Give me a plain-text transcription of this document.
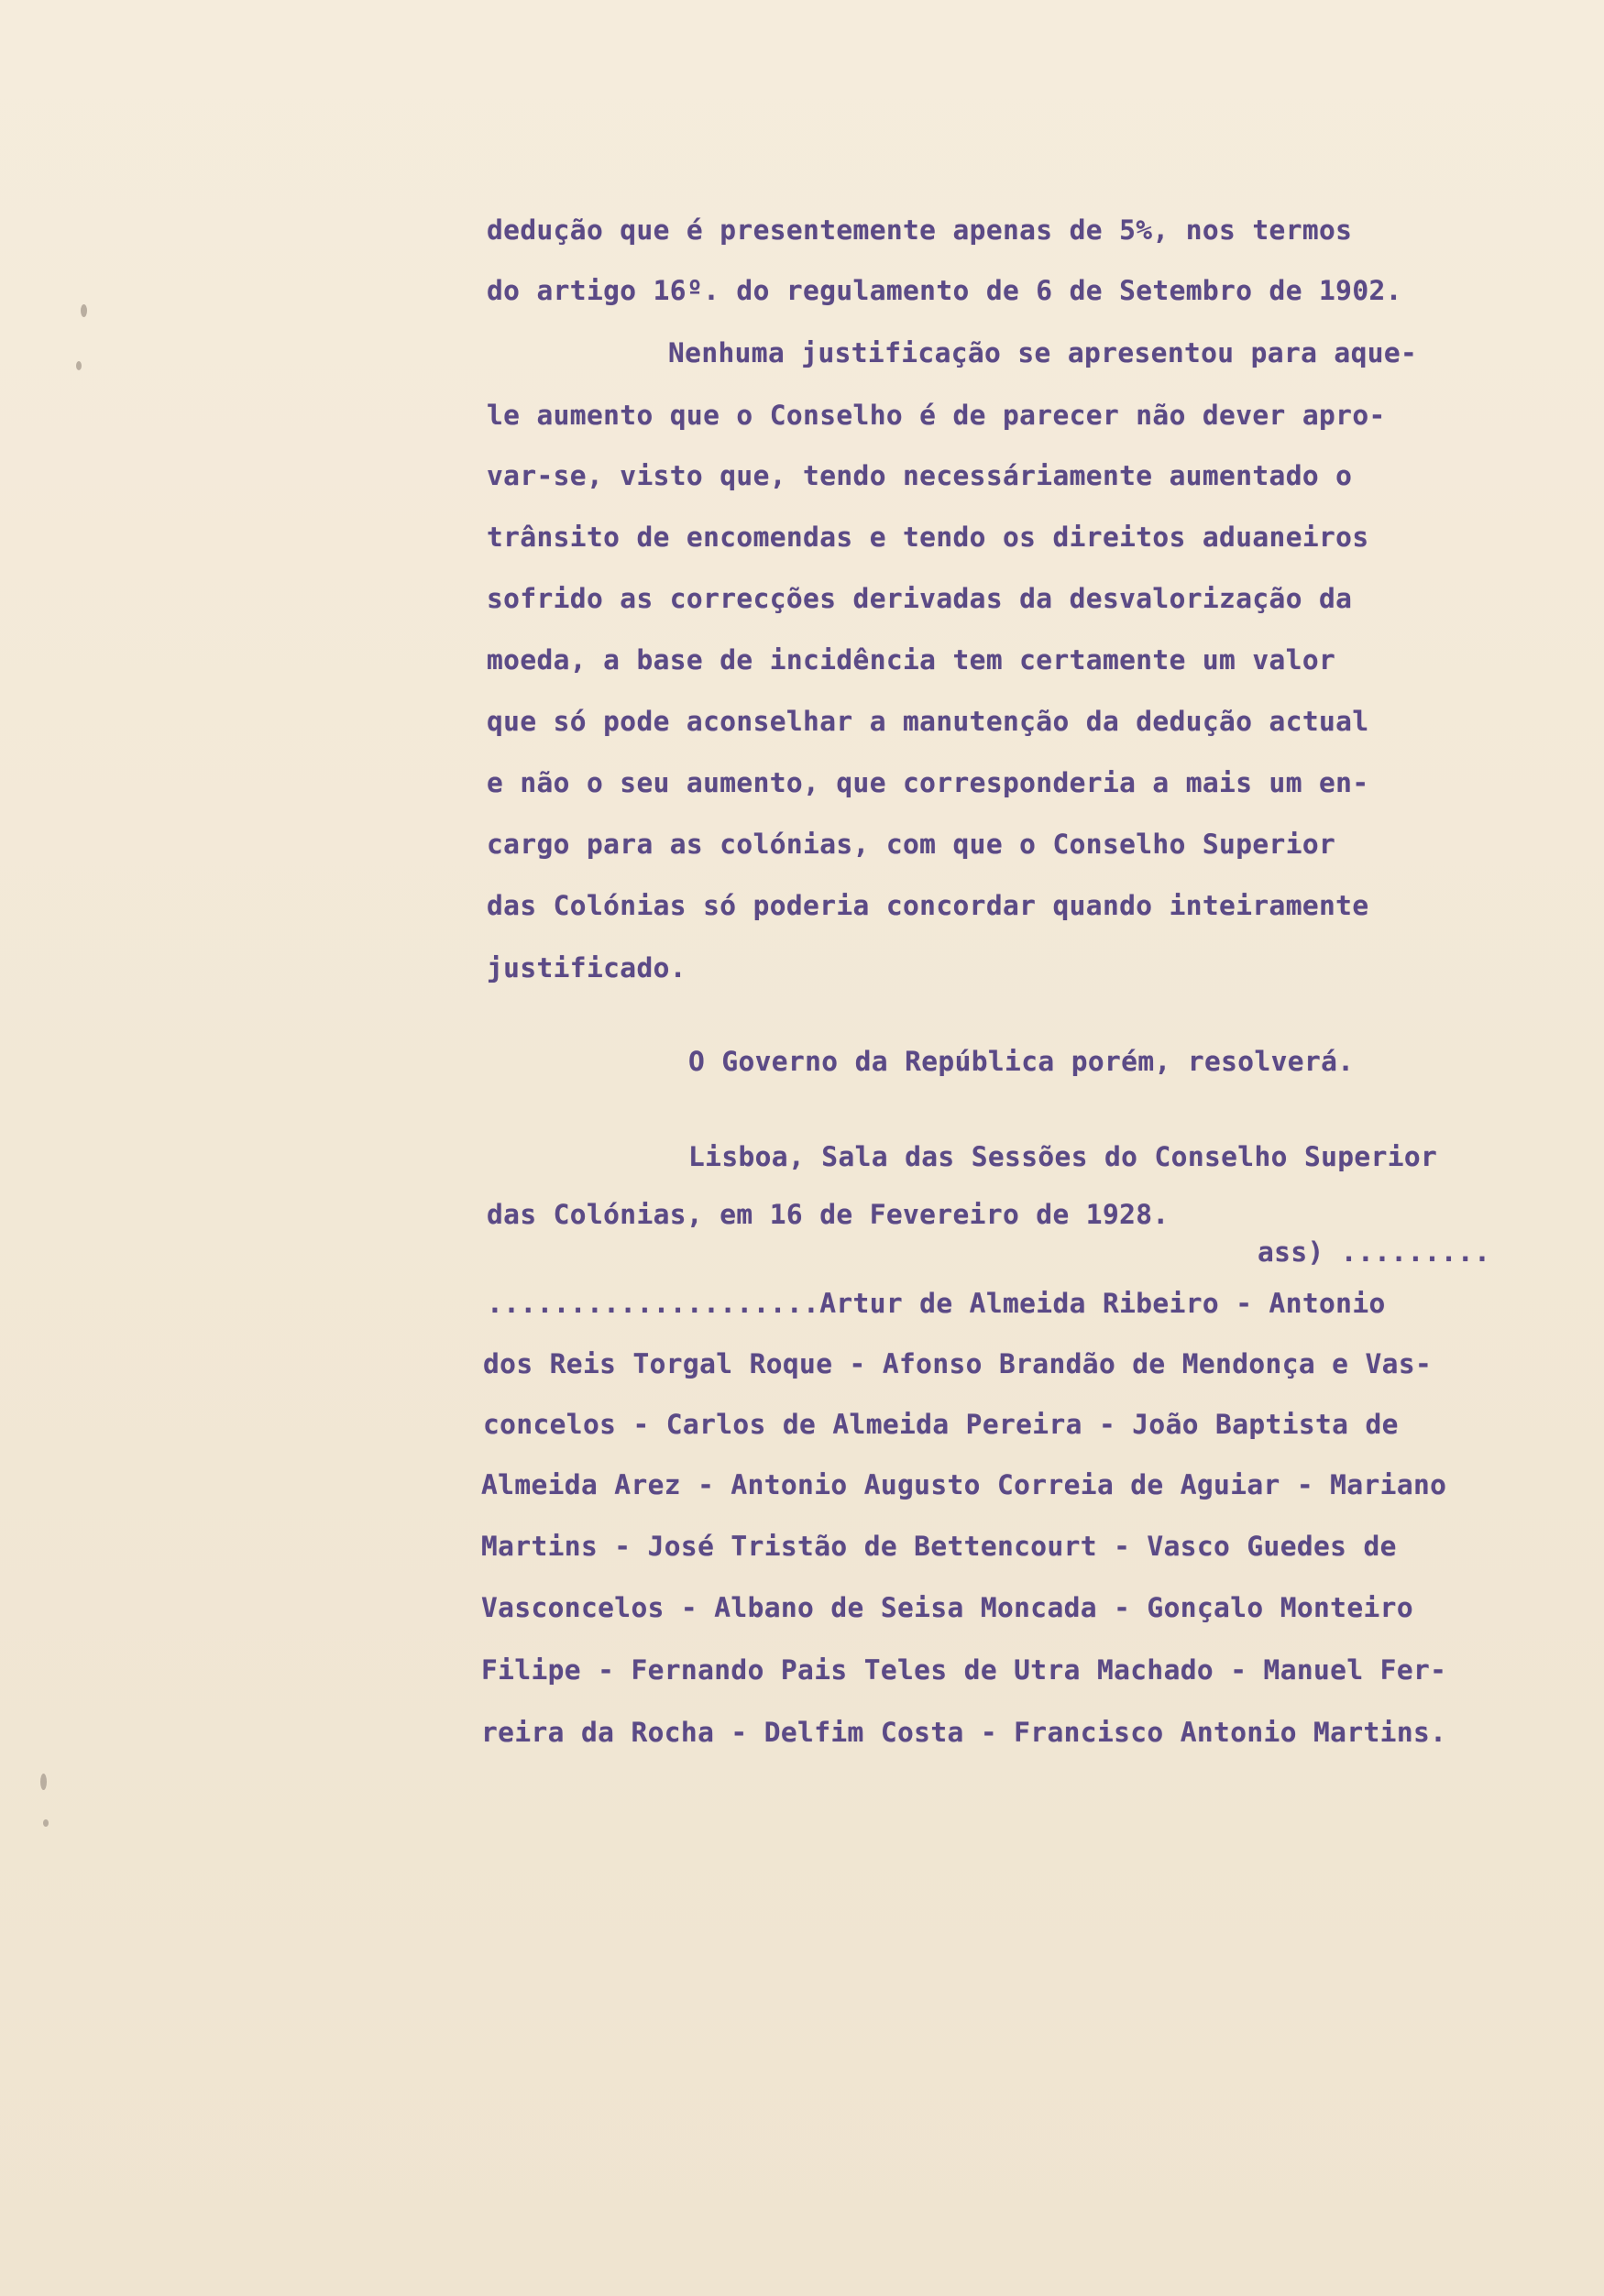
dedução que é presentemente apenas de 5%, nos termos

do artigo 16º. do regulamento de 6 de Setembro de 1902.

Nenhuma justificação se apresentou para aque-

le aumento que o Conselho é de parecer não dever apro-

var-se, visto que, tendo necessáriamente aumentado o

trânsito de encomendas e tendo os direitos aduaneiros

sofrido as correcções derivadas da desvalorização da

moeda, a base de incidência tem certamente um valor

que só pode aconselhar a manutenção da dedução actual

e não o seu aumento, que corresponderia a mais um en-

cargo para as colónias, com que o Conselho Superior

das Colónias só poderia concordar quando inteiramente

justificado.

O Governo da República porém, resolverá.

Lisboa, Sala das Sessões do Conselho Superior

das Colónias, em 16 de Fevereiro de 1928.

ass) .........

....................Artur de Almeida Ribeiro - Antonio

dos Reis Torgal Roque - Afonso Brandão de Mendonça e Vas-

concelos - Carlos de Almeida Pereira - João Baptista de

Almeida Arez - Antonio Augusto Correia de Aguiar - Mariano

Martins - José Tristão de Bettencourt - Vasco Guedes de

Vasconcelos - Albano de Seisa Moncada - Gonçalo Monteiro

Filipe - Fernando Pais Teles de Utra Machado - Manuel Fer-

reira da Rocha - Delfim Costa - Francisco Antonio Martins.
